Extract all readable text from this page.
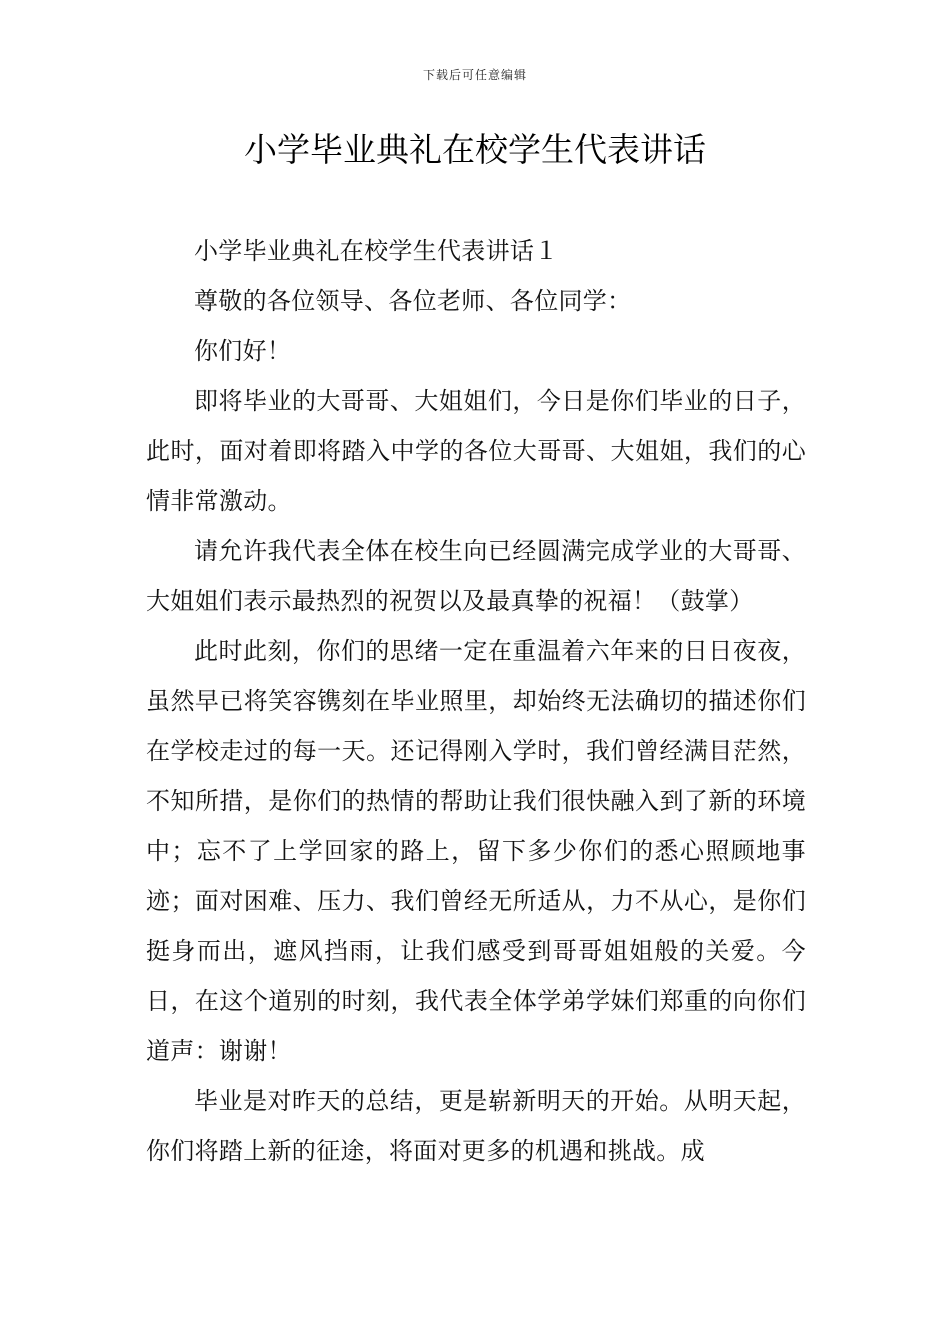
下载后可任意编辑
小学毕业典礼在校学生代表讲话

小学毕业典礼在校学生代表讲话１

尊敬的各位领导、各位老师、各位同学：

你们好！

即将毕业的大哥哥、大姐姐们，今日是你们毕业的日子，此时，面对着即将踏入中学的各位大哥哥、大姐姐，我们的心情非常激动。

请允许我代表全体在校生向已经圆满完成学业的大哥哥、大姐姐们表示最热烈的祝贺以及最真挚的祝福！（鼓掌）

此时此刻，你们的思绪一定在重温着六年来的日日夜夜，虽然早已将笑容镌刻在毕业照里，却始终无法确切的描述你们在学校走过的每一天。还记得刚入学时，我们曾经满目茫然，不知所措，是你们的热情的帮助让我们很快融入到了新的环境中；忘不了上学回家的路上，留下多少你们的悉心照顾地事迹；面对困难、压力、我们曾经无所适从，力不从心，是你们挺身而出，遮风挡雨，让我们感受到哥哥姐姐般的关爱。今日，在这个道别的时刻，我代表全体学弟学妹们郑重的向你们道声：谢谢！

毕业是对昨天的总结，更是崭新明天的开始。从明天起，你们将踏上新的征途，将面对更多的机遇和挑战。成
